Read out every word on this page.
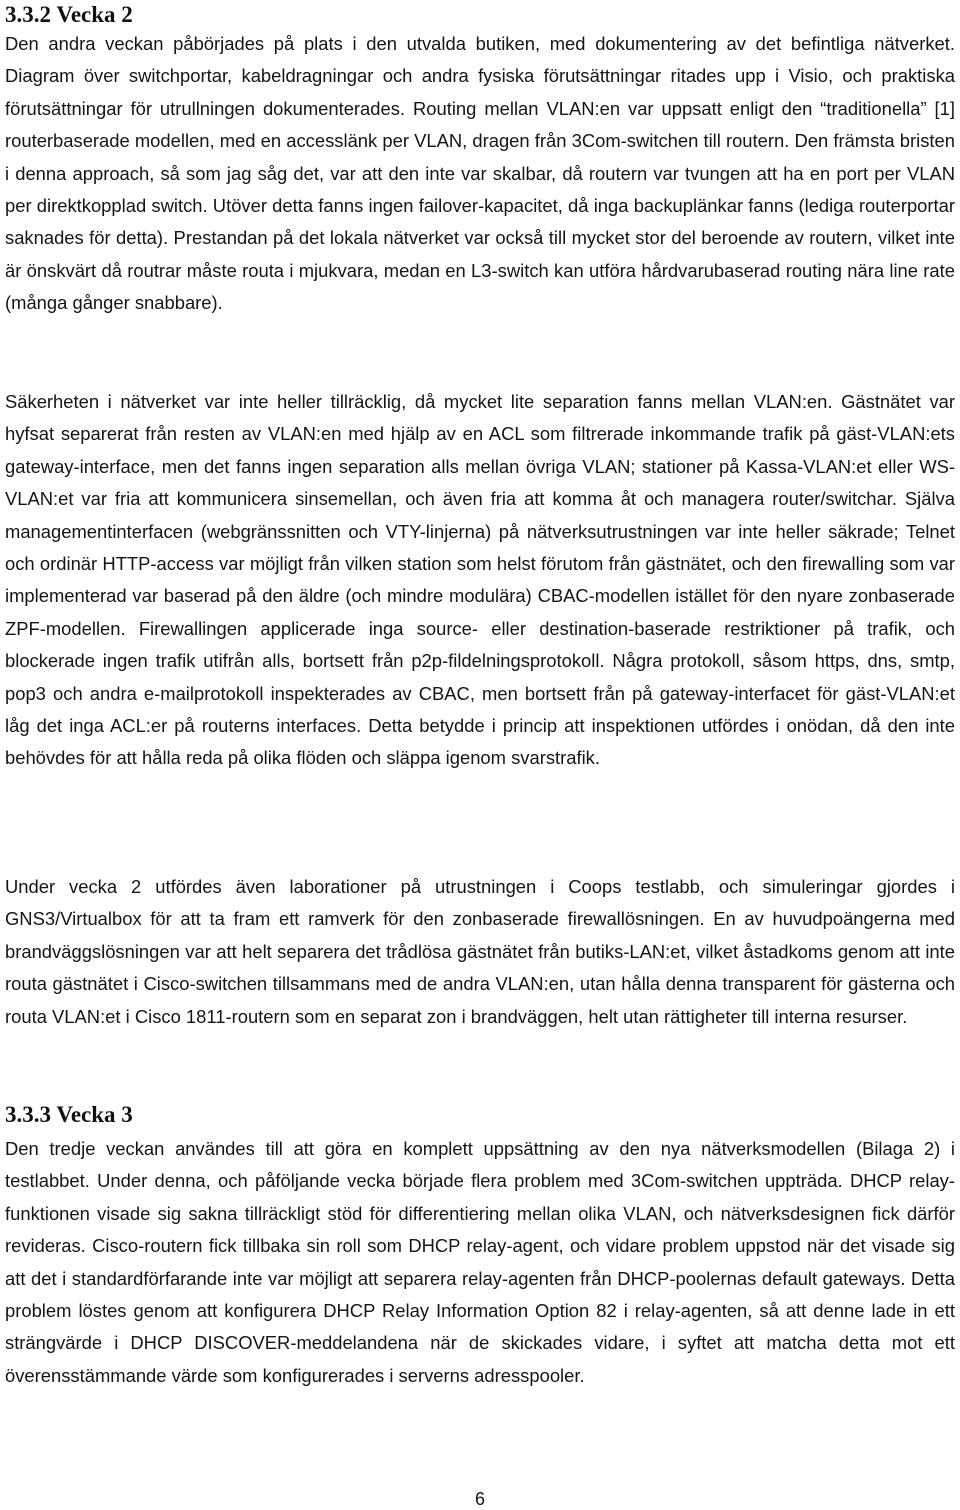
3.3.2 Vecka 2

Den andra veckan påbörjades på plats i den utvalda butiken, med dokumentering av det befintliga nätverket. Diagram över switchportar, kabeldragningar och andra fysiska förutsättningar ritades upp i Visio, och praktiska förutsättningar för utrullningen dokumenterades. Routing mellan VLAN:en var uppsatt enligt den “traditionella” [1] routerbaserade modellen, med en accesslänk per VLAN, dragen från 3Com-switchen till routern. Den främsta bristen i denna approach, så som jag såg det, var att den inte var skalbar, då routern var tvungen att ha en port per VLAN per direktkopplad switch. Utöver detta fanns ingen failover-kapacitet, då inga backuplänkar fanns (lediga routerportar saknades för detta). Prestandan på det lokala nätverket var också till mycket stor del beroende av routern, vilket inte är önskvärt då routrar måste routa i mjukvara, medan en L3-switch kan utföra hårdvarubaserad routing nära line rate (många gånger snabbare).

Säkerheten i nätverket var inte heller tillräcklig, då mycket lite separation fanns mellan VLAN:en. Gästnätet var hyfsat separerat från resten av VLAN:en med hjälp av en ACL som filtrerade inkommande trafik på gäst-VLAN:ets gateway-interface, men det fanns ingen separation alls mellan övriga VLAN; stationer på Kassa-VLAN:et eller WS-VLAN:et var fria att kommunicera sinsemellan, och även fria att komma åt och managera router/switchar. Själva managementinterfacen (webgränssnitten och VTY-linjerna) på nätverksutrustningen var inte heller säkrade; Telnet och ordinär HTTP-access var möjligt från vilken station som helst förutom från gästnätet, och den firewalling som var implementerad var baserad på den äldre (och mindre modulära) CBAC-modellen istället för den nyare zonbaserade ZPF-modellen. Firewallingen applicerade inga source- eller destination-baserade restriktioner på trafik, och blockerade ingen trafik utifrån alls, bortsett från p2p-fildelningsprotokoll. Några protokoll, såsom https, dns, smtp, pop3 och andra e-mailprotokoll inspekterades av CBAC, men bortsett från på gateway-interfacet för gäst-VLAN:et låg det inga ACL:er på routerns interfaces. Detta betydde i princip att inspektionen utfördes i onödan, då den inte behövdes för att hålla reda på olika flöden och släppa igenom svarstrafik.

Under vecka 2 utfördes även laborationer på utrustningen i Coops testlabb, och simuleringar gjordes i GNS3/Virtualbox för att ta fram ett ramverk för den zonbaserade firewallösningen. En av huvudpoängerna med brandväggslösningen var att helt separera det trådlösa gästnätet från butiks-LAN:et, vilket åstadkoms genom att inte routa gästnätet i Cisco-switchen tillsammans med de andra VLAN:en, utan hålla denna transparent för gästerna och routa VLAN:et i Cisco 1811-routern som en separat zon i brandväggen, helt utan rättigheter till interna resurser.

3.3.3 Vecka 3

Den tredje veckan användes till att göra en komplett uppsättning av den nya nätverksmodellen (Bilaga 2) i testlabbet. Under denna, och påföljande vecka började flera problem med 3Com-switchen uppträda. DHCP relay-funktionen visade sig sakna tillräckligt stöd för differentiering mellan olika VLAN, och nätverksdesignen fick därför revideras. Cisco-routern fick tillbaka sin roll som DHCP relay-agent, och vidare problem uppstod när det visade sig att det i standardförfarande inte var möjligt att separera relay-agenten från DHCP-poolernas default gateways. Detta problem löstes genom att konfigurera DHCP Relay Information Option 82 i relay-agenten, så att denne lade in ett strängvärde i DHCP DISCOVER-meddelandena när de skickades vidare, i syftet att matcha detta mot ett överensstämmande värde som konfigurerades i serverns adresspooler.

6
